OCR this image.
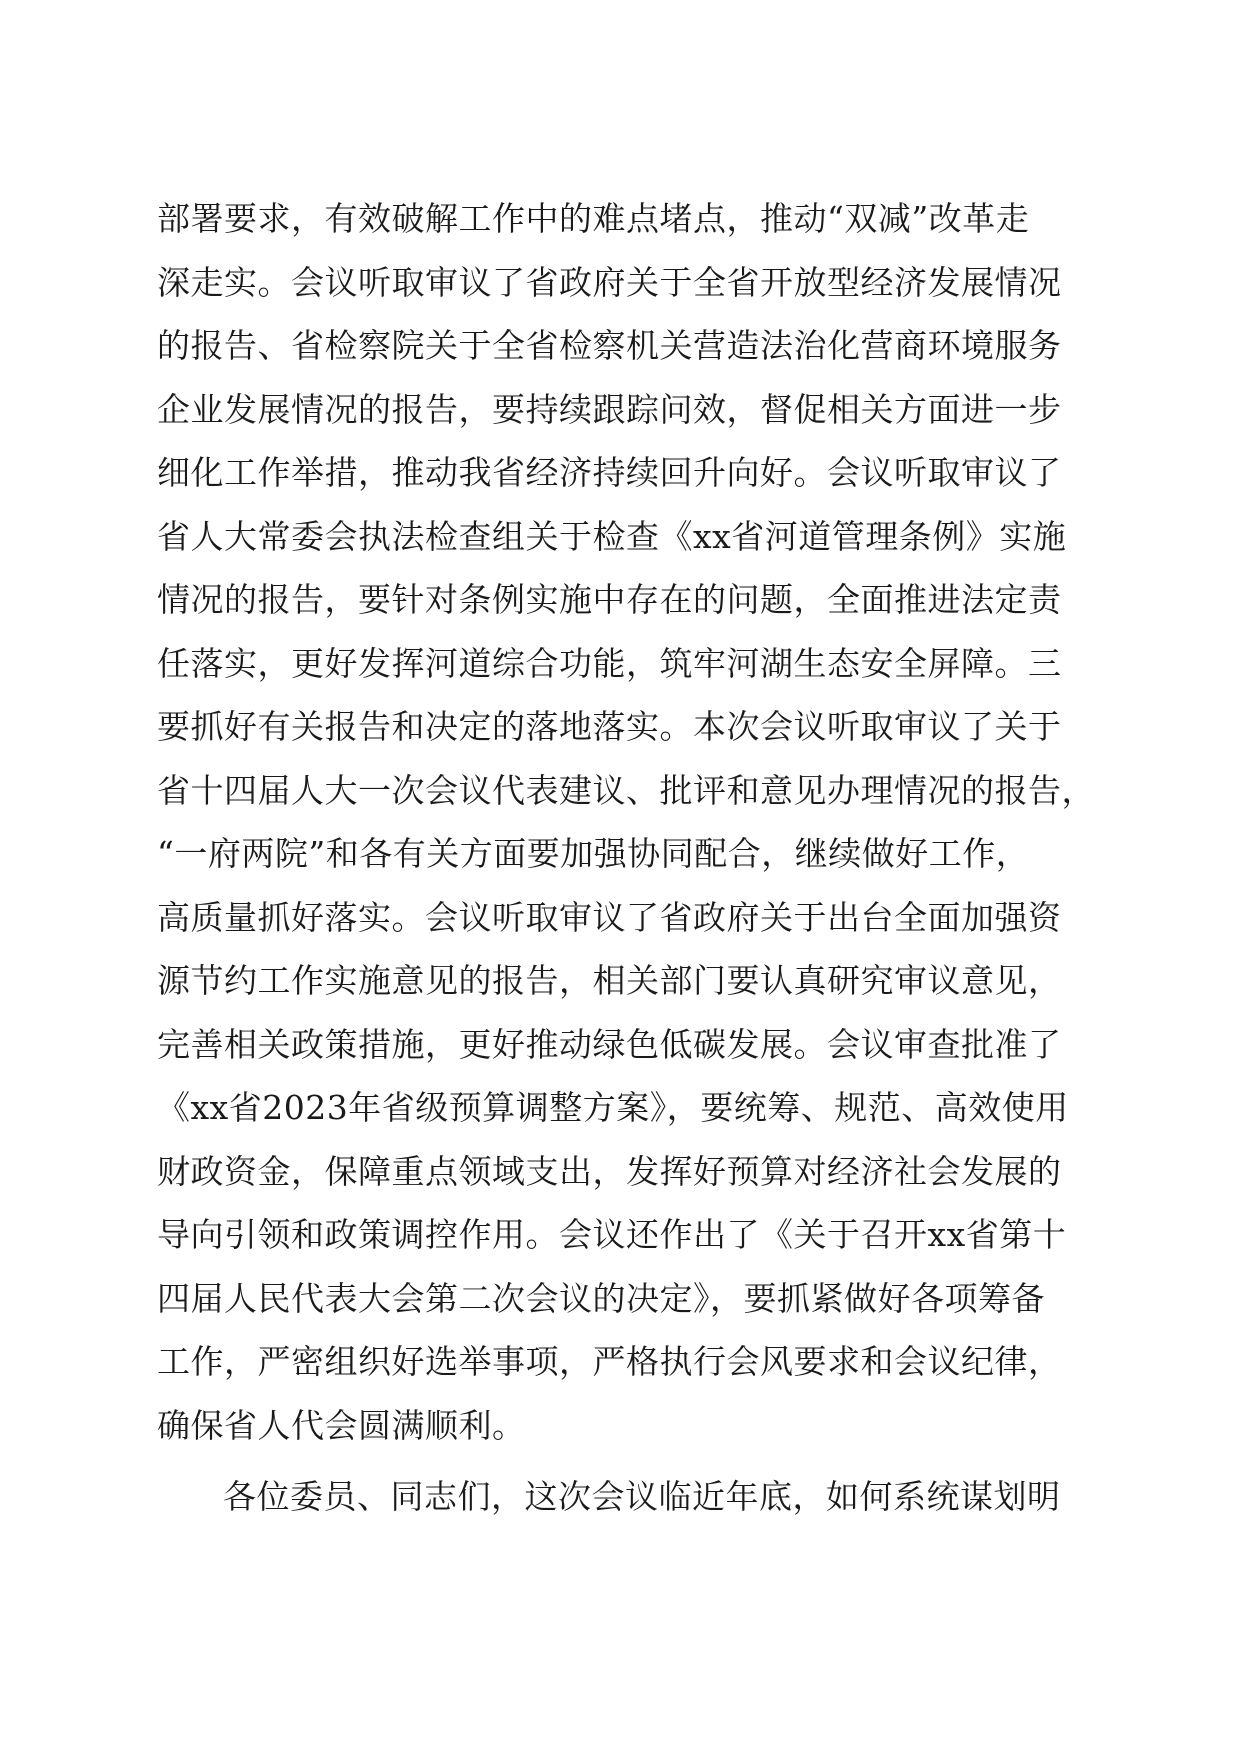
部署要求，有效破解工作中的难点堵点，推动“双减”改革走
深走实。会议听取审议了省政府关于全省开放型经济发展情况
的报告、省检察院关于全省检察机关营造法治化营商环境服务
企业发展情况的报告，要持续跟踪问效，督促相关方面进一步
细化工作举措，推动我省经济持续回升向好。会议听取审议了
省人大常委会执法检查组关于检查《xx省河道管理条例》实施
情况的报告，要针对条例实施中存在的问题，全面推进法定责
任落实，更好发挥河道综合功能，筑牢河湖生态安全屏障。三
要抓好有关报告和决定的落地落实。本次会议听取审议了关于
省十四届人大一次会议代表建议、批评和意见办理情况的报告，
“一府两院”和各有关方面要加强协同配合，继续做好工作，
高质量抓好落实。会议听取审议了省政府关于出台全面加强资
源节约工作实施意见的报告，相关部门要认真研究审议意见，
完善相关政策措施，更好推动绿色低碳发展。会议审查批准了
《xx省2023年省级预算调整方案》，要统筹、规范、高效使用
财政资金，保障重点领域支出，发挥好预算对经济社会发展的
导向引领和政策调控作用。会议还作出了《关于召开xx省第十
四届人民代表大会第二次会议的决定》，要抓紧做好各项筹备
工作，严密组织好选举事项，严格执行会风要求和会议纪律，
确保省人代会圆满顺利。
各位委员、同志们，这次会议临近年底，如何系统谋划明
